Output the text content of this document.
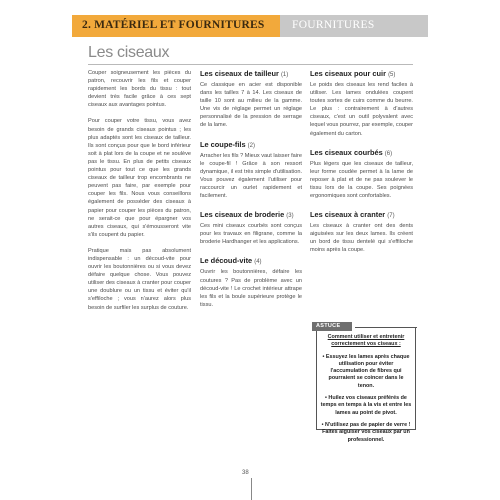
2. MATÉRIEL ET FOURNITURES FOURNITURES
Les ciseaux

Couper soigneusement les pièces du patron, recouvrir les fils et couper rapidement les bords du tissu : tout devient très facile grâce à ces sept ciseaux aux avantages pointus.

Pour couper votre tissu, vous avez besoin de grands ciseaux pointus ; les plus adaptés sont les ciseaux de tailleur. Ils sont conçus pour que le bord inférieur soit à plat lors de la coupe et ne soulève pas le tissu. En plus de petits ciseaux pointus pour tout ce que les grands ciseaux de tailleur trop encombrants ne peuvent pas faire, par exemple pour couper les fils. Nous vous conseillons également de posséder des ciseaux à papier pour couper les pièces du patron, ne serait-ce que pour épargner vos autres ciseaux, qui s'émousseront vite s'ils coupent du papier.

Pratique mais pas absolument indispensable : un découd-vite pour ouvrir les boutonnières ou si vous devez défaire quelque chose. Vous pouvez utiliser des ciseaux à cranter pour couper une doublure ou un tissu et éviter qu'il s'effiloche ; vous n'aurez alors plus besoin de surfiler les surplus de couture.

Les ciseaux de tailleur (1)
Ce classique en acier est disponible dans les tailles 7 à 14. Les ciseaux de taille 10 sont au milieu de la gamme. Une vis de réglage permet un réglage personnalisé de la pression de serrage de la lame.
Le coupe-fils (2)
Arracher les fils ? Mieux vaut laisser faire le coupe-fil ! Grâce à son ressort dynamique, il est très simple d'utilisation. Vous pouvez également l'utiliser pour raccourcir un ourlet rapidement et facilement.
Les ciseaux de broderie (3)
Ces mini ciseaux courbés sont conçus pour les travaux en filigrane, comme la broderie Hardhanger et les applications.
Le découd-vite (4)
Ouvrir les boutonnières, défaire les coutures ? Pas de problème avec un découd-vite ! Le crochet intérieur attrape les fils et la boule supérieure protège le tissu.
Les ciseaux pour cuir (5)
Le poids des ciseaux les rend faciles à utiliser. Les lames ondulées coupent toutes sortes de cuirs comme du beurre. Le plus : contrairement à d'autres ciseaux, c'est un outil polyvalent avec lequel vous pourrez, par exemple, couper également du carton.
Les ciseaux courbés (6)
Plus légers que les ciseaux de tailleur, leur forme coudée permet à la lame de reposer à plat et de ne pas soulever le tissu lors de la coupe. Ses poignées ergonomiques sont confortables.
Les ciseaux à cranter (7)
Les ciseaux à cranter ont des dents aiguisées sur les deux lames. Ils créent un bord de tissu dentelé qui s'effiloche moins après la coupe.
ASTUCE

Comment utiliser et entretenir correctement vos ciseaux :

• Essuyez les lames après chaque utilisation pour éviter l'accumulation de fibres qui pourraient se coincer dans le tenon.

• Huilez vos ciseaux préférés de temps en temps à la vis et entre les lames au point de pivot.

• N'utilisez pas de papier de verre ! Faites aiguiser vos ciseaux par un professionnel.

38
